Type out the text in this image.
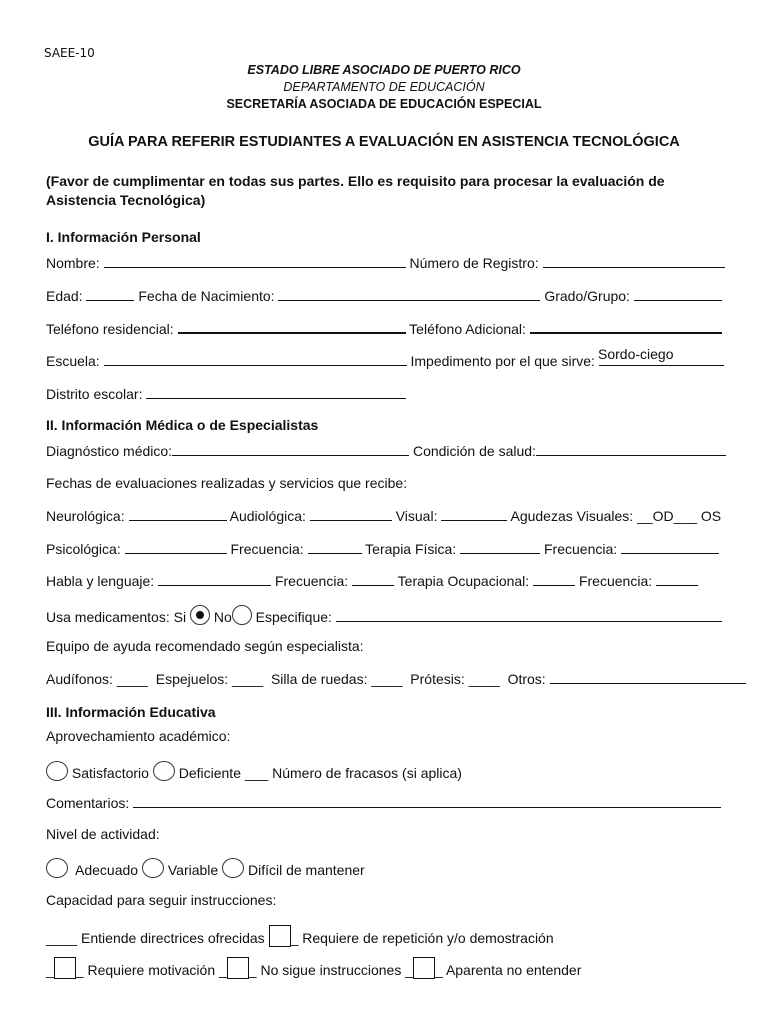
SAEE-10
ESTADO LIBRE ASOCIADO DE PUERTO RICO
DEPARTAMENTO DE EDUCACIÓN
SECRETARÍA ASOCIADA DE EDUCACIÓN ESPECIAL
GUÍA PARA REFERIR ESTUDIANTES A EVALUACIÓN EN ASISTENCIA TECNOLÓGICA
(Favor de cumplimentar en todas sus partes. Ello es requisito para procesar la evaluación de Asistencia Tecnológica)
I. Información Personal
Nombre:	Número de Registro:
Edad:	Fecha de Nacimiento:	Grado/Grupo:
Teléfono residencial:	Teléfono Adicional:
Escuela:	Impedimento por el que sirve: Sordo-ciego
Distrito escolar:
II. Información Médica o de Especialistas
Diagnóstico médico:	Condición de salud:
Fechas de evaluaciones realizadas y servicios que recibe:
Neurológica:	Audiológica:	Visual:	Agudezas Visuales: __OD___ OS
Psicológica:	Frecuencia:	Terapia Física:	Frecuencia:
Habla y lenguaje:	Frecuencia:	Terapia Ocupacional:	Frecuencia:
Usa medicamentos: Si No Especifique:
Equipo de ayuda recomendado según especialista:
Audífonos: ____ Espejuelos: ____ Silla de ruedas: ____ Prótesis: ____ Otros:
III. Información Educativa
Aprovechamiento académico:
Satisfactorio Deficiente ___ Número de fracasos (si aplica)
Comentarios:
Nivel de actividad:
Adecuado Variable Difícil de mantener
Capacidad para seguir instrucciones:
____ Entiende directrices ofrecidas _ Requiere de repetición y/o demostración
_ _ Requiere motivación _ _ No sigue instrucciones _ _ Aparenta no entender
